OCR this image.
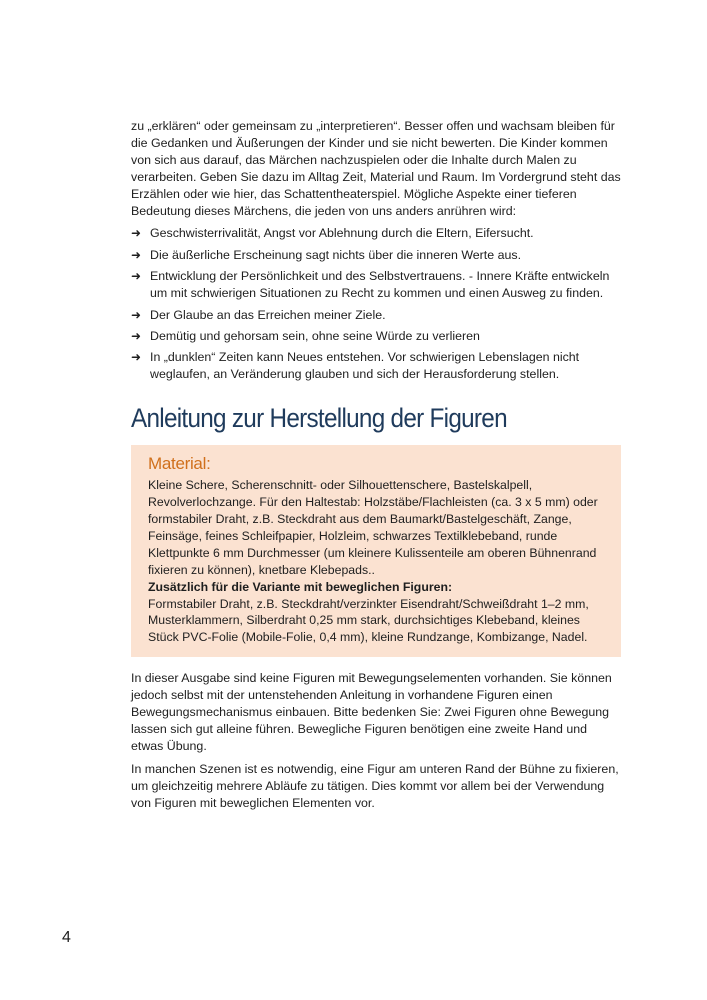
zu „erklären“ oder gemeinsam zu „interpretieren“. Besser offen und wachsam bleiben für die Gedanken und Äußerungen der Kinder und sie nicht bewerten. Die Kinder kommen von sich aus darauf, das Märchen nachzuspielen oder die Inhalte durch Malen zu verarbeiten. Geben Sie dazu im Alltag Zeit, Material und Raum. Im Vordergrund steht das Erzählen oder wie hier, das Schattentheaterspiel. Mögliche Aspekte einer tieferen Bedeutung dieses Märchens, die jeden von uns anders anrühren wird:

➜ Geschwisterrivalität, Angst vor Ablehnung durch die Eltern, Eifersucht.
➜ Die äußerliche Erscheinung sagt nichts über die inneren Werte aus.
➜ Entwicklung der Persönlichkeit und des Selbstvertrauens. - Innere Kräfte entwickeln um mit schwierigen Situationen zu Recht zu kommen und einen Ausweg zu finden.
➜ Der Glaube an das Erreichen meiner Ziele.
➜ Demütig und gehorsam sein, ohne seine Würde zu verlieren
➜ In „dunklen“ Zeiten kann Neues entstehen. Vor schwierigen Lebenslagen nicht weglaufen, an Veränderung glauben und sich der Herausforderung stellen.
Anleitung zur Herstellung der Figuren
Material:

Kleine Schere, Scherenschnitt- oder Silhouettenschere, Bastelskalpell, Revolverlochzange. Für den Haltestab: Holzstäbe/Flachleisten (ca. 3 x 5 mm) oder formstabiler Draht, z.B. Steckdraht aus dem Baumarkt/Bastelgeschäft, Zange, Feinsäge, feines Schleifpapier, Holzleim, schwarzes Textilklebeband, runde Klettpunkte 6 mm Durchmesser (um kleinere Kulissenteile am oberen Bühnenrand fixieren zu können), knetbare Klebepads..
Zusätzlich für die Variante mit beweglichen Figuren:
Formstabiler Draht, z.B. Steckdraht/verzinkter Eisendraht/Schweißdraht 1–2 mm, Musterklammern, Silberdraht 0,25 mm stark, durchsichtiges Klebeband, kleines Stück PVC-Folie (Mobile-Folie, 0,4 mm), kleine Rundzange, Kombizange, Nadel.

In dieser Ausgabe sind keine Figuren mit Bewegungselementen vorhanden. Sie können jedoch selbst mit der untenstehenden Anleitung in vorhandene Figuren einen Bewegungsmechanismus einbauen. Bitte bedenken Sie: Zwei Figuren ohne Bewegung lassen sich gut alleine führen. Bewegliche Figuren benötigen eine zweite Hand und etwas Übung.

In manchen Szenen ist es notwendig, eine Figur am unteren Rand der Bühne zu fixieren, um gleichzeitig mehrere Abläufe zu tätigen. Dies kommt vor allem bei der Verwendung von Figuren mit beweglichen Elementen vor.

4
